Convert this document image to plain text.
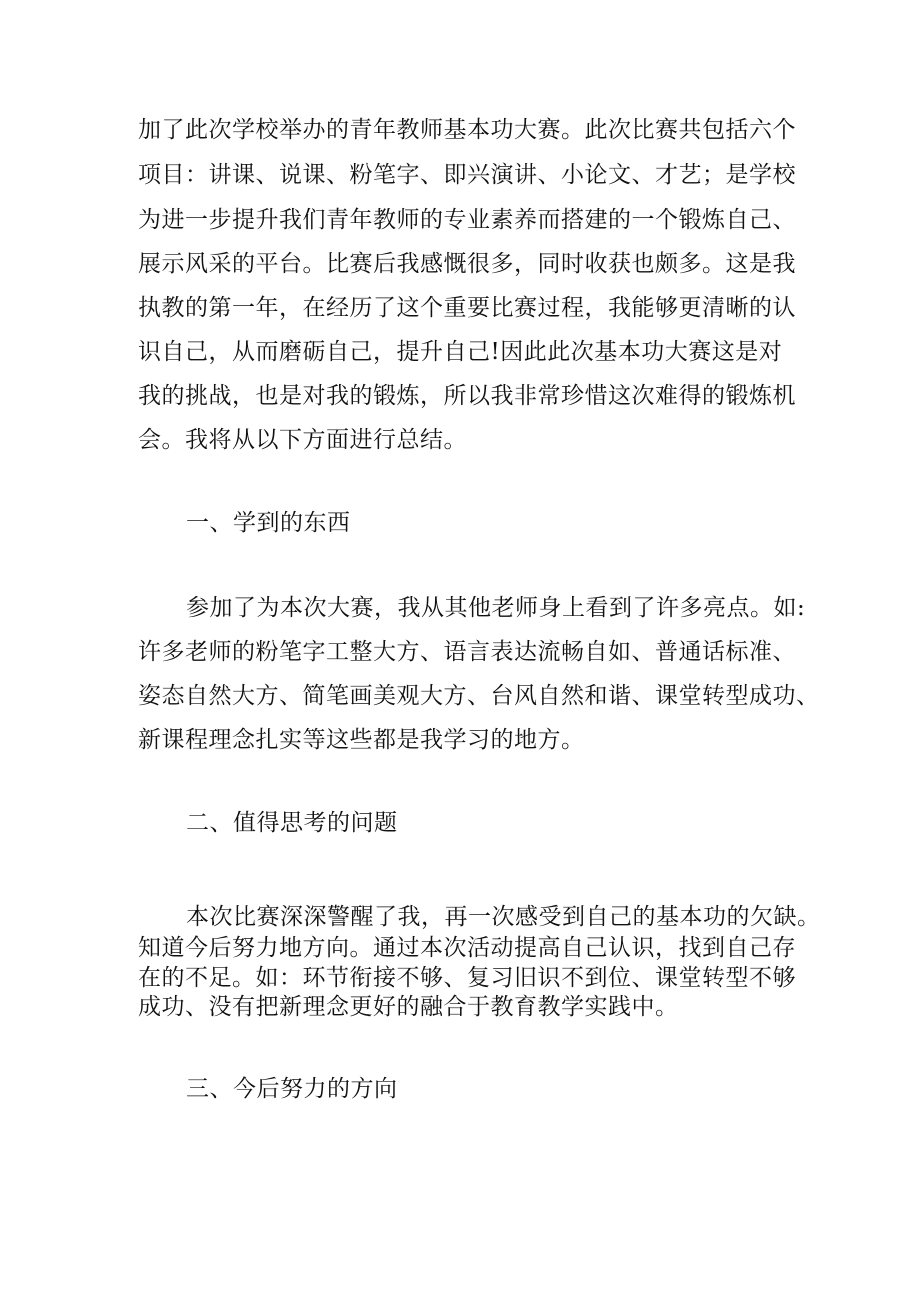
加了此次学校举办的青年教师基本功大赛。此次比赛共包括六个
项目：讲课、说课、粉笔字、即兴演讲、小论文、才艺；是学校
为进一步提升我们青年教师的专业素养而搭建的一个锻炼自己、
展示风采的平台。比赛后我感慨很多，同时收获也颇多。这是我
执教的第一年，在经历了这个重要比赛过程，我能够更清晰的认
识自己，从而磨砺自己，提升自己!因此此次基本功大赛这是对
我的挑战，也是对我的锻炼，所以我非常珍惜这次难得的锻炼机
会。我将从以下方面进行总结。
一、学到的东西
参加了为本次大赛，我从其他老师身上看到了许多亮点。如:
许多老师的粉笔字工整大方、语言表达流畅自如、普通话标准、
姿态自然大方、简笔画美观大方、台风自然和谐、课堂转型成功、
新课程理念扎实等这些都是我学习的地方。
二、值得思考的问题
本次比赛深深警醒了我，再一次感受到自己的基本功的欠缺。
知道今后努力地方向。通过本次活动提高自己认识，找到自己存
在的不足。如：环节衔接不够、复习旧识不到位、课堂转型不够
成功、没有把新理念更好的融合于教育教学实践中。
三、今后努力的方向
